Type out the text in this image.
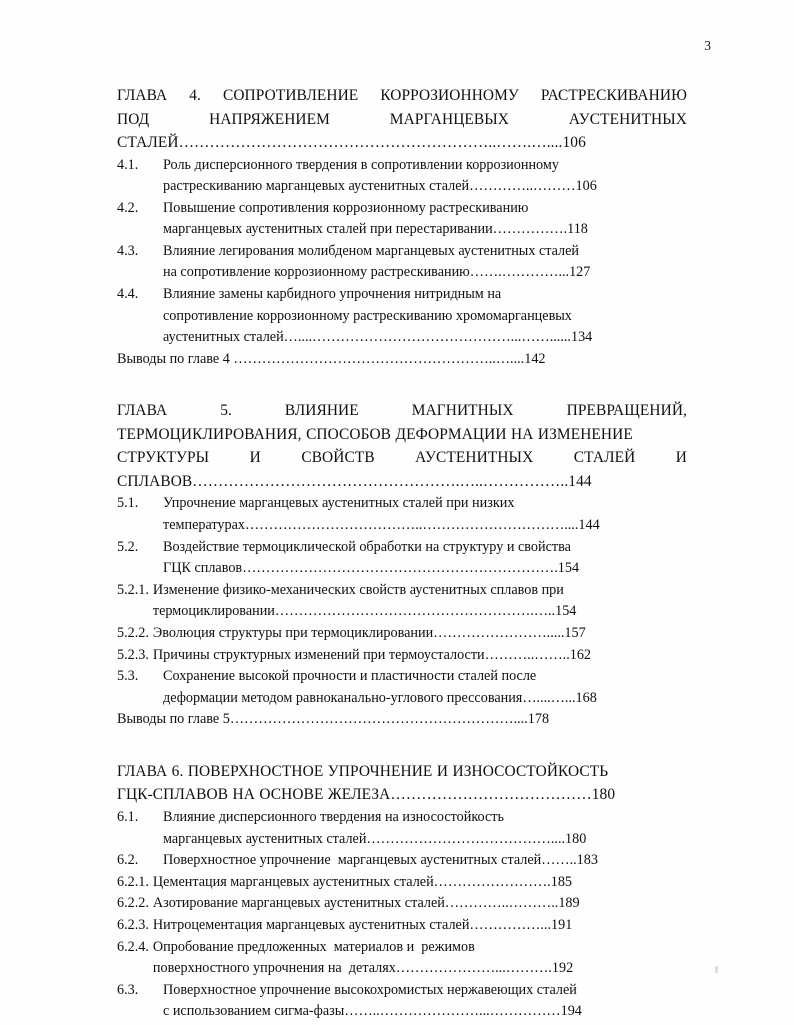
3
ГЛАВА 4. СОПРОТИВЛЕНИЕ КОРРОЗИОННОМУ РАСТРЕСКИВАНИЮ
ПОД НАПРЯЖЕНИЕМ МАРГАНЦЕВЫХ АУСТЕНИТНЫХ
СТАЛЕЙ……………………………………………………..…….…....106
4.1.	Роль дисперсионного твердения в сопротивлении коррозионному
растрескиванию марганцевых аустенитных сталей…………..………106
4.2.	Повышение сопротивления коррозионному растрескиванию
марганцевых аустенитных сталей при перестаривании…………….118
4.3.	Влияние легирования молибденом марганцевых аустенитных сталей
на сопротивление коррозионному растрескиванию…….…………...127
4.4.	Влияние замены карбидного упрочнения нитридным на
сопротивление коррозионному растрескиванию хромомарганцевых
аустенитных сталей…....……………………………………...……......134
Выводы по главе 4 ………………………………………………..…....142
ГЛАВА 5. ВЛИЯНИЕ МАГНИТНЫХ ПРЕВРАЩЕНИЙ,
ТЕРМОЦИКЛИРОВАНИЯ, СПОСОБОВ ДЕФОРМАЦИИ НА ИЗМЕНЕНИЕ
СТРУКТУРЫ И СВОЙСТВ АУСТЕНИТНЫХ СТАЛЕЙ И
СПЛАВОВ…………………………………………….…..……………..144
5.1.	Упрочнение марганцевых аустенитных сталей при низких
температурах………………………………..…………………………....144
5.2.	Воздействие термоциклической обработки на структуру и свойства
ГЦК сплавов………………………………………………………….154
5.2.1. Изменение физико-механических свойств аустенитных сплавов при
термоциклировании……………………………………………….…..154
5.2.2. Эволюция структуры при термоциклировании…………………….....157
5.2.3. Причины структурных изменений при термоусталости………..……..162
5.3.	Сохранение высокой прочности и пластичности сталей после
деформации методом равноканально-углового прессования…....…...168
Выводы по главе 5……………………………………………………....178
ГЛАВА 6. ПОВЕРХНОСТНОЕ УПРОЧНЕНИЕ И ИЗНОСОСТОЙКОСТЬ
ГЦК-СПЛАВОВ НА ОСНОВЕ ЖЕЛЕЗА…………………………………180
6.1.	Влияние дисперсионного твердения на износостойкость
марганцевых аустенитных сталей…………………………………....180
6.2.	Поверхностное упрочнение  марганцевых аустенитных сталей……..183
6.2.1. Цементация марганцевых аустенитных сталей…………………….185
6.2.2. Азотирование марганцевых аустенитных сталей…………..………..189
6.2.3. Нитроцементация марганцевых аустенитных сталей……………...191
6.2.4. Опробование предложенных  материалов и  режимов
поверхностного упрочнения на  деталях…………………...……….192
6.3.	Поверхностное упрочнение высокохромистых нержавеющих сталей
с использованием сигма-фазы……..…………………...……………194
